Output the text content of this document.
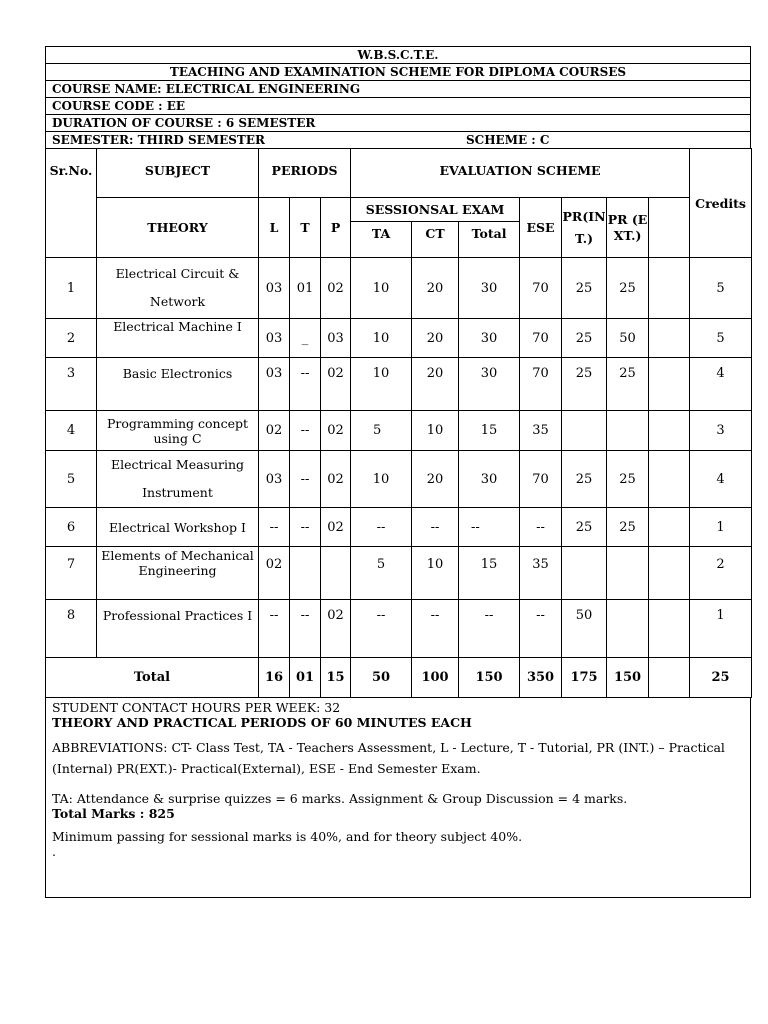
W.B.S.C.T.E.
TEACHING AND EXAMINATION SCHEME FOR DIPLOMA COURSES
COURSE NAME: ELECTRICAL ENGINEERING
COURSE CODE : EE
DURATION OF COURSE : 6 SEMESTER
SEMESTER: THIRD SEMESTER	SCHEME : C
Sr.No.	SUBJECT	PERIODS			EVALUATION SCHEME							Credits
	THEORY	L	T	P	SESSIONSAL EXAM			ESE	PR(INT.)	PR (EXT.)		
					TA	CT	Total					
1	Electrical Circuit & Network	03	01	02	10	20	30	70	25	25		5
2	Electrical Machine I	03	_	03	10	20	30	70	25	50		5
3	Basic Electronics	03	--	02	10	20	30	70	25	25		4
4	Programming concept using C	02	--	02	5	10	15	35				3
5	Electrical Measuring Instrument	03	--	02	10	20	30	70	25	25		4
6	Electrical Workshop I	--	--	02	--	--	--	--	25	25		1
7	Elements of Mechanical Engineering	02			5	10	15	35				2
8	Professional Practices I	--	--	02	--	--	--	--	50			1
Total		16	01	15	50	100	150	350	175	150		25

STUDENT CONTACT HOURS PER WEEK: 32

THEORY AND PRACTICAL PERIODS OF 60 MINUTES EACH

ABBREVIATIONS: CT- Class Test, TA - Teachers Assessment, L - Lecture, T - Tutorial, PR (INT.) – Practical (Internal) PR(EXT.)- Practical(External), ESE - End Semester Exam.

TA: Attendance & surprise quizzes = 6 marks. Assignment & Group Discussion = 4 marks.

Total Marks : 825

Minimum passing for sessional marks is 40%, and for theory subject 40%.

.
